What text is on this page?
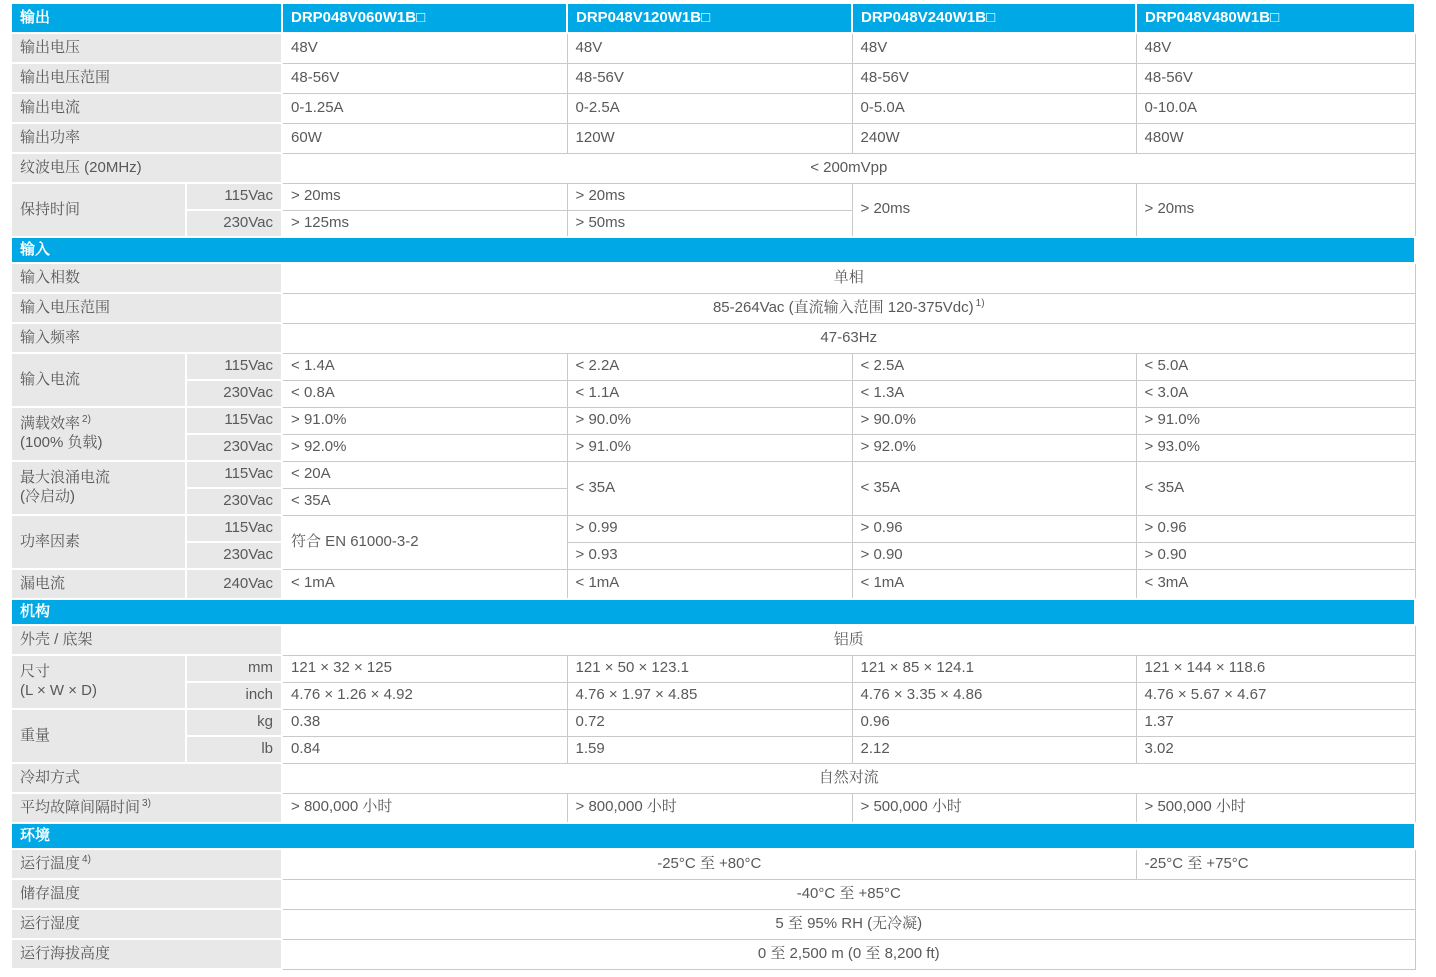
输出		DRP048V060W1B□	DRP048V120W1B□	DRP048V240W1B□	DRP048V480W1B□
输出电压		48V	48V	48V	48V
输出电压范围		48-56V	48-56V	48-56V	48-56V
输出电流		0-1.25A	0-2.5A	0-5.0A	0-10.0A
输出功率		60W	120W	240W	480W
纹波电压 (20MHz)		< 200mVpp			
保持时间	115Vac	> 20ms	> 20ms	> 20ms	> 20ms
	230Vac	> 125ms	> 50ms		
输入					
输入相数		单相			
输入电压范围		85-264Vac (直流输入范围 120-375Vdc) $^{1)}$
输入频率		47-63Hz			
输入电流	115Vac	< 1.4A	< 2.2A	< 2.5A	< 5.0A
	230Vac	< 0.8A	< 1.1A	< 1.3A	< 3.0A

满载效率 $^{2)}$
(100% 负载)	115Vac	> 91.0%	> 90.0%	> 90.0%	> 91.0%
	230Vac	> 92.0%	> 91.0%	> 92.0%	> 93.0%

最大浪涌电流
(冷启动)	115Vac	< 20A	< 35A	< 35A	< 35A
	230Vac	< 35A			
功率因素	115Vac	符合 EN 61000-3-2	> 0.99	> 0.96	> 0.96
	230Vac		> 0.93	> 0.90	> 0.90
漏电流	240Vac	< 1mA	< 1mA	< 1mA	< 3mA
机构					
外壳 / 底架		铝质			

尺寸
(L × W × D)	mm	121 × 32 × 125	121 × 50 × 123.1	121 × 85 × 124.1	121 × 144 × 118.6
	inch	4.76 × 1.26 × 4.92	4.76 × 1.97 × 4.85	4.76 × 3.35 × 4.86	4.76 × 5.67 × 4.67
重量	kg	0.38	0.72	0.96	1.37
	lb	0.84	1.59	2.12	3.02
冷却方式		自然对流			
平均故障间隔时间 $^{3)}$		> 800,000 小时	> 800,000 小时	> 500,000 小时	> 500,000 小时
环境					
运行温度 $^{4)}$		-25°C 至 +80°C			-25°C 至 +75°C
储存温度		-40°C 至 +85°C			
运行湿度		5 至 95% RH (无冷凝)			
运行海拔高度		0 至 2,500 m (0 至 8,200 ft)			
